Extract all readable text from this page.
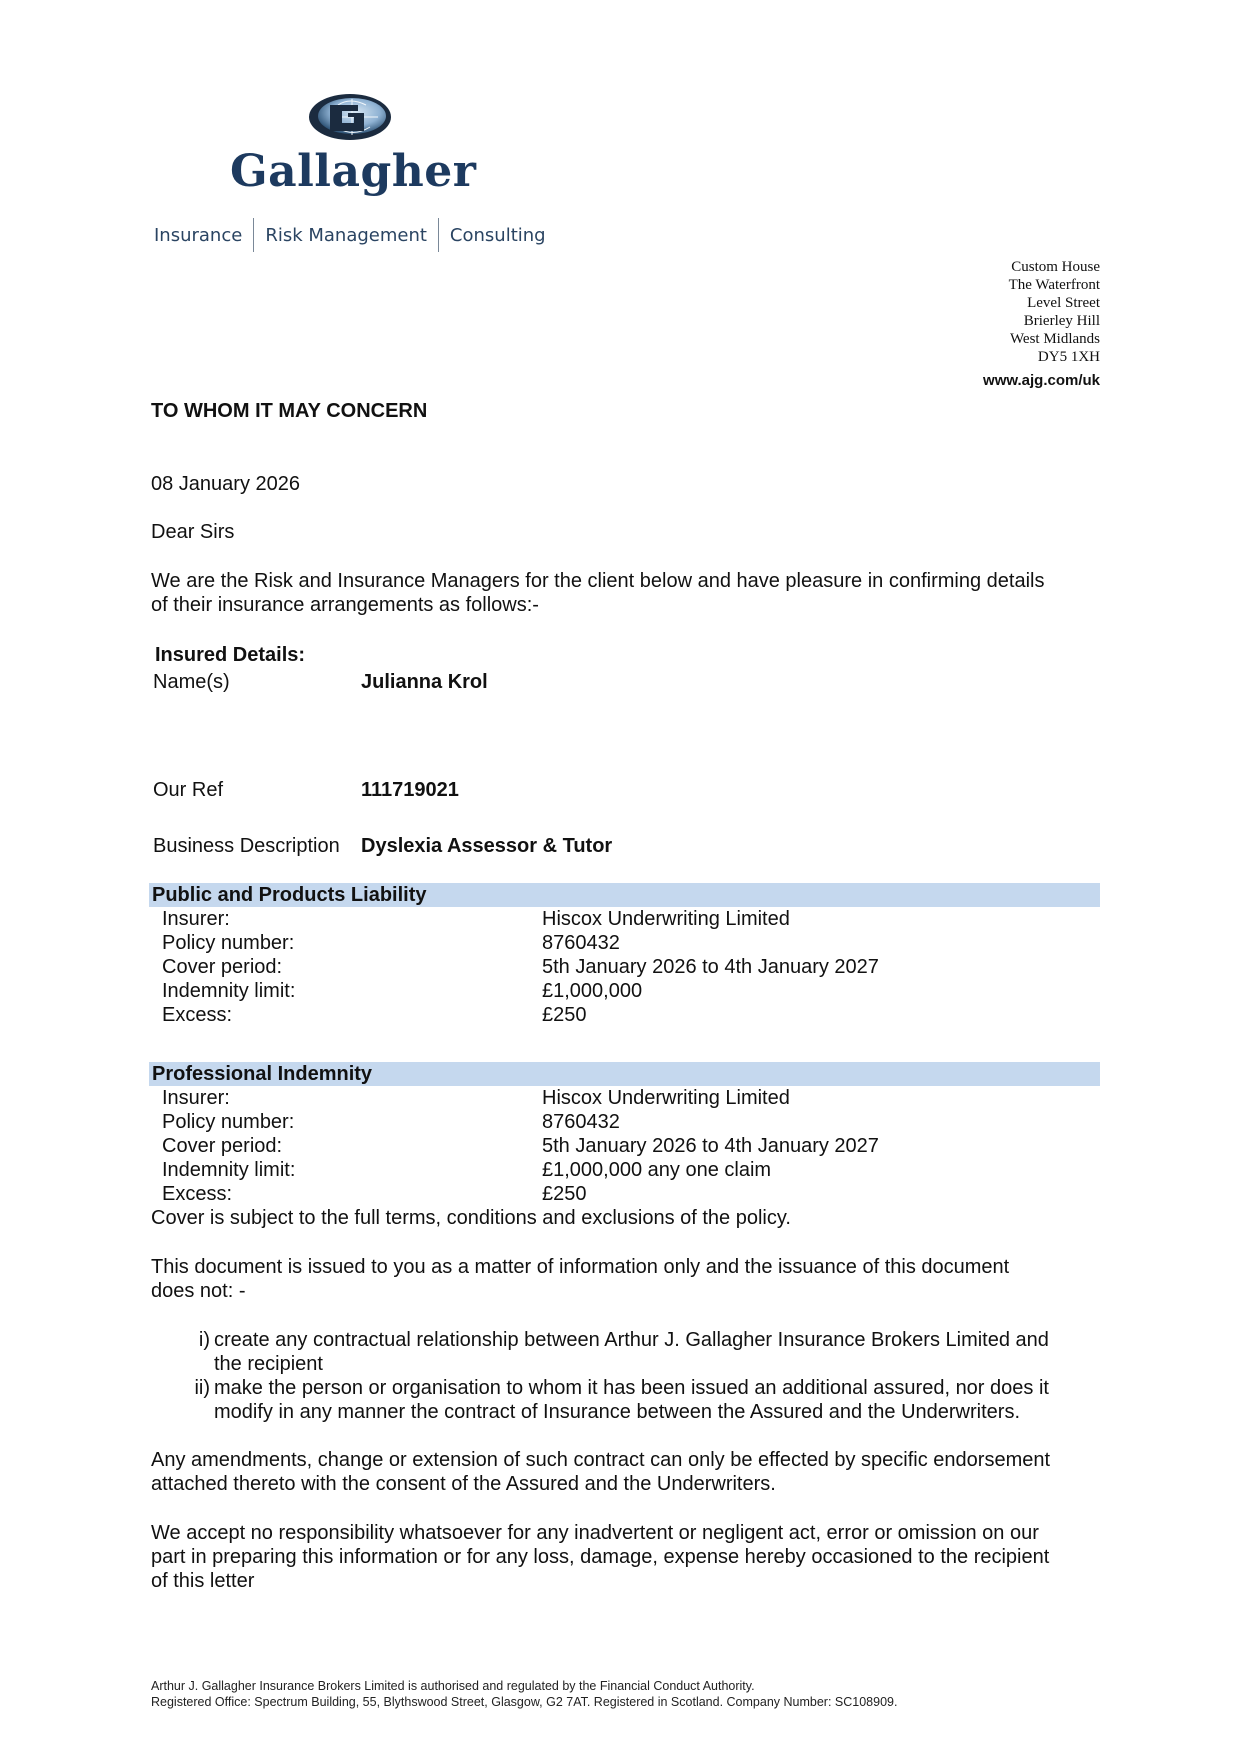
Gallagher
Insurance Risk Management Consulting
Custom House
The Waterfront
Level Street
Brierley Hill
West Midlands
DY5 1XH
www.ajg.com/uk
TO WHOM IT MAY CONCERN
08 January 2026
Dear Sirs
We are the Risk and Insurance Managers for the client below and have pleasure in confirming details
of their insurance arrangements as follows:-
Insured Details:
Name(s)	Julianna Krol
Our Ref	111719021
Business Description Dyslexia Assessor & Tutor
Public and Products Liability
Insurer:	Hiscox Underwriting Limited
Policy number:	8760432
Cover period:	5th January 2026 to 4th January 2027
Indemnity limit:	£1,000,000
Excess:	£250
Professional Indemnity
Insurer:	Hiscox Underwriting Limited
Policy number:	8760432
Cover period:	5th January 2026 to 4th January 2027
Indemnity limit:	£1,000,000 any one claim
Excess:	£250
Cover is subject to the full terms, conditions and exclusions of the policy.
This document is issued to you as a matter of information only and the issuance of this document
does not: -
i) create any contractual relationship between Arthur J. Gallagher Insurance Brokers Limited and
the recipient
ii) make the person or organisation to whom it has been issued an additional assured, nor does it
modify in any manner the contract of Insurance between the Assured and the Underwriters.
Any amendments, change or extension of such contract can only be effected by specific endorsement
attached thereto with the consent of the Assured and the Underwriters.
We accept no responsibility whatsoever for any inadvertent or negligent act, error or omission on our
part in preparing this information or for any loss, damage, expense hereby occasioned to the recipient
of this letter
Arthur J. Gallagher Insurance Brokers Limited is authorised and regulated by the Financial Conduct Authority.
Registered Office: Spectrum Building, 55, Blythswood Street, Glasgow, G2 7AT. Registered in Scotland. Company Number: SC108909.
